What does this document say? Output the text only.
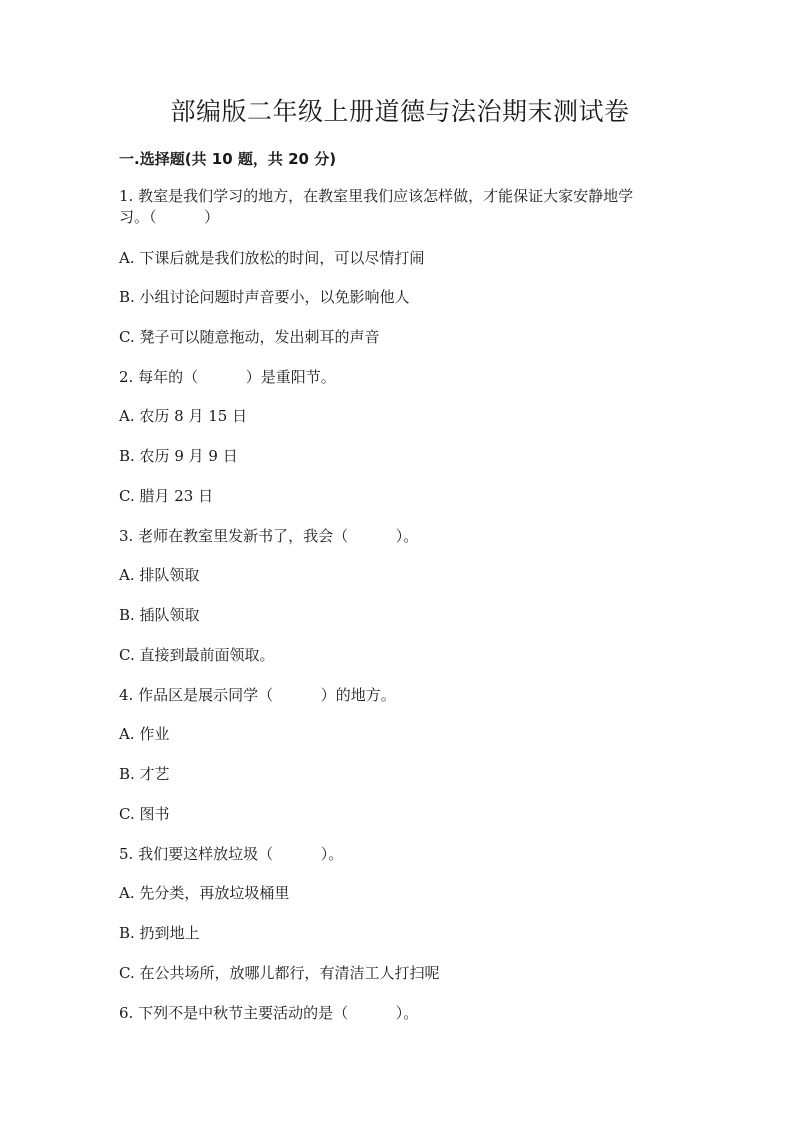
部编版二年级上册道德与法治期末测试卷
一.选择题(共 10 题，共 20 分)
1. 教室是我们学习的地方，在教室里我们应该怎样做，才能保证大家安静地学
习。（          ）
A. 下课后就是我们放松的时间，可以尽情打闹
B. 小组讨论问题时声音要小，以免影响他人
C. 凳子可以随意拖动，发出刺耳的声音
2. 每年的（          ）是重阳节。
A. 农历 8 月 15 日
B. 农历 9 月 9 日
C. 腊月 23 日
3. 老师在教室里发新书了，我会（          ）。
A. 排队领取
B. 插队领取
C. 直接到最前面领取。
4. 作品区是展示同学（          ）的地方。
A. 作业
B. 才艺
C. 图书
5. 我们要这样放垃圾（          ）。
A. 先分类，再放垃圾桶里
B. 扔到地上
C. 在公共场所，放哪儿都行，有清洁工人打扫呢
6. 下列不是中秋节主要活动的是（          ）。
